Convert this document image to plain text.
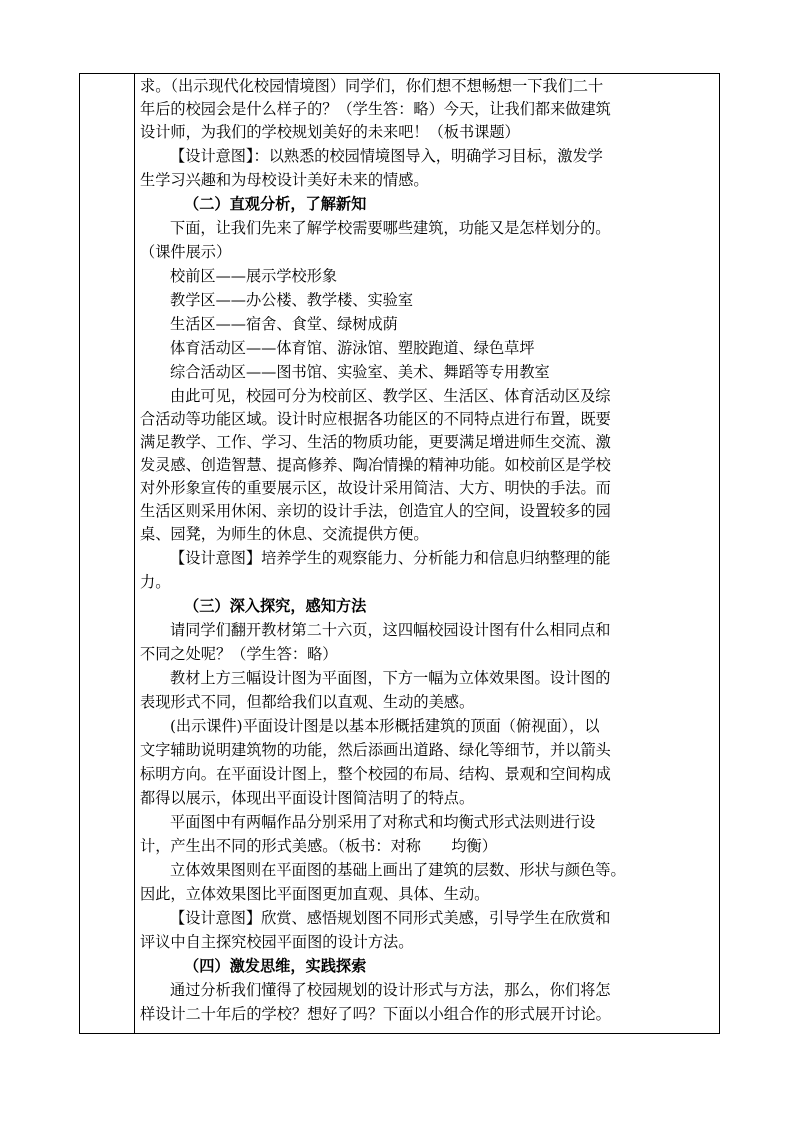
求。（出示现代化校园情境图）同学们，你们想不想畅想一下我们二十
年后的校园会是什么样子的？（学生答：略）今天，让我们都来做建筑
设计师，为我们的学校规划美好的未来吧！（板书课题）
【设计意图】：以熟悉的校园情境图导入，明确学习目标，激发学
生学习兴趣和为母校设计美好未来的情感。
（二）直观分析，了解新知
下面，让我们先来了解学校需要哪些建筑，功能又是怎样划分的。
（课件展示）
校前区——展示学校形象
教学区——办公楼、教学楼、实验室
生活区——宿舍、食堂、绿树成荫
体育活动区——体育馆、游泳馆、塑胶跑道、绿色草坪
综合活动区——图书馆、实验室、美术、舞蹈等专用教室
由此可见，校园可分为校前区、教学区、生活区、体育活动区及综
合活动等功能区域。设计时应根据各功能区的不同特点进行布置，既要
满足教学、工作、学习、生活的物质功能，更要满足增进师生交流、激
发灵感、创造智慧、提高修养、陶冶情操的精神功能。如校前区是学校
对外形象宣传的重要展示区，故设计采用简洁、大方、明快的手法。而
生活区则采用休闲、亲切的设计手法，创造宜人的空间，设置较多的园
桌、园凳，为师生的休息、交流提供方便。
【设计意图】培养学生的观察能力、分析能力和信息归纳整理的能
力。
（三）深入探究，感知方法
请同学们翻开教材第二十六页，这四幅校园设计图有什么相同点和
不同之处呢？（学生答：略）
教材上方三幅设计图为平面图，下方一幅为立体效果图。设计图的
表现形式不同，但都给我们以直观、生动的美感。
(出示课件)平面设计图是以基本形概括建筑的顶面（俯视面），以
文字辅助说明建筑物的功能，然后添画出道路、绿化等细节，并以箭头
标明方向。在平面设计图上，整个校园的布局、结构、景观和空间构成
都得以展示，体现出平面设计图简洁明了的特点。
平面图中有两幅作品分别采用了对称式和均衡式形式法则进行设
计，产生出不同的形式美感。（板书：对称　　均衡）
立体效果图则在平面图的基础上画出了建筑的层数、形状与颜色等。
因此，立体效果图比平面图更加直观、具体、生动。
【设计意图】欣赏、感悟规划图不同形式美感，引导学生在欣赏和
评议中自主探究校园平面图的设计方法。
（四）激发思维，实践探索
通过分析我们懂得了校园规划的设计形式与方法，那么，你们将怎
样设计二十年后的学校？想好了吗？下面以小组合作的形式展开讨论。
